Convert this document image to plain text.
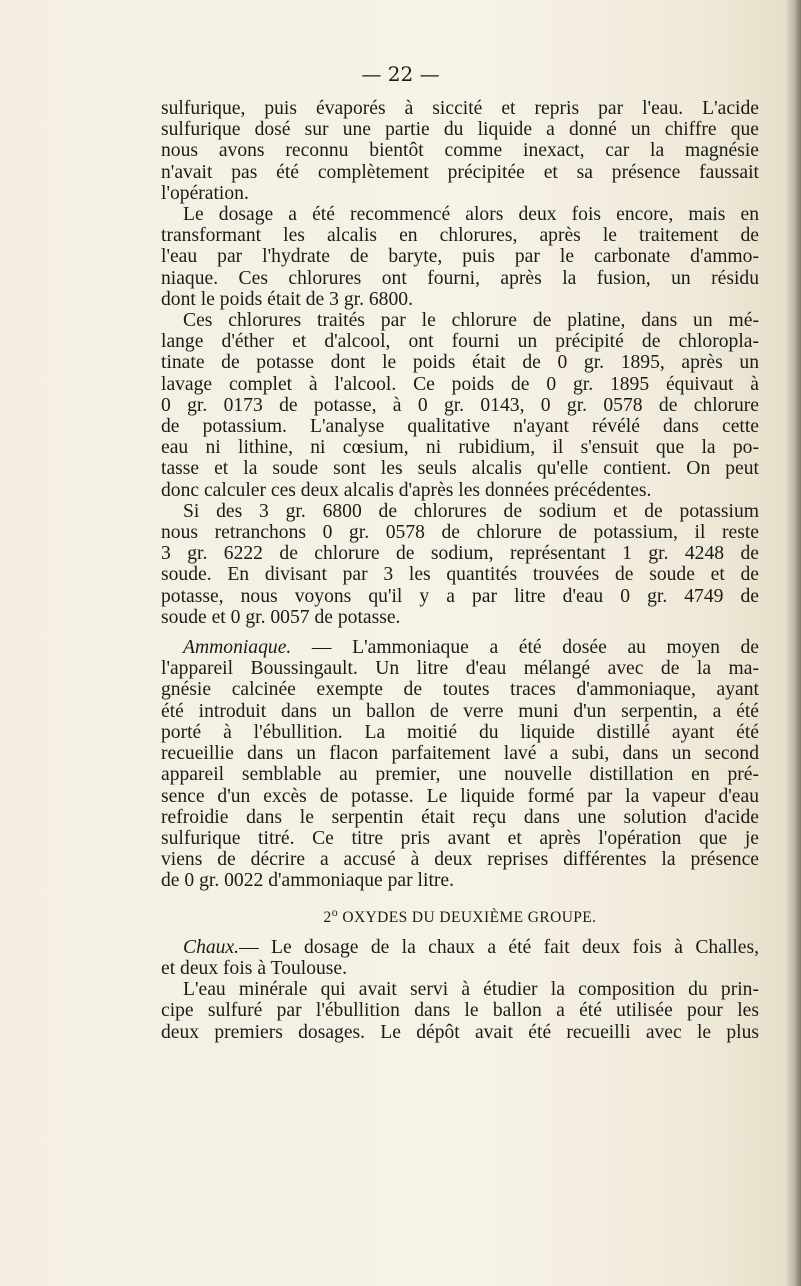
— 22 —

sulfurique, puis évaporés à siccité et repris par l'eau. L'acide

sulfurique dosé sur une partie du liquide a donné un chiffre que

nous avons reconnu bientôt comme inexact, car la magnésie

n'avait pas été complètement précipitée et sa présence faussait

l'opération.

Le dosage a été recommencé alors deux fois encore, mais en

transformant les alcalis en chlorures, après le traitement de

l'eau par l'hydrate de baryte, puis par le carbonate d'ammo-

niaque. Ces chlorures ont fourni, après la fusion, un résidu

dont le poids était de 3 gr. 6800.

Ces chlorures traités par le chlorure de platine, dans un mé-

lange d'éther et d'alcool, ont fourni un précipité de chloropla-

tinate de potasse dont le poids était de 0 gr. 1895, après un

lavage complet à l'alcool. Ce poids de 0 gr. 1895 équivaut à

0 gr. 0173 de potasse, à 0 gr. 0143, 0 gr. 0578 de chlorure

de potassium. L'analyse qualitative n'ayant révélé dans cette

eau ni lithine, ni cœsium, ni rubidium, il s'ensuit que la po-

tasse et la soude sont les seuls alcalis qu'elle contient. On peut

donc calculer ces deux alcalis d'après les données précédentes.

Si des 3 gr. 6800 de chlorures de sodium et de potassium

nous retranchons 0 gr. 0578 de chlorure de potassium, il reste

3 gr. 6222 de chlorure de sodium, représentant 1 gr. 4248 de

soude. En divisant par 3 les quantités trouvées de soude et de

potasse, nous voyons qu'il y a par litre d'eau 0 gr. 4749 de

soude et 0 gr. 0057 de potasse.

Ammoniaque. — L'ammoniaque a été dosée au moyen de

l'appareil Boussingault. Un litre d'eau mélangé avec de la ma-

gnésie calcinée exempte de toutes traces d'ammoniaque, ayant

été introduit dans un ballon de verre muni d'un serpentin, a été

porté à l'ébullition. La moitié du liquide distillé ayant été

recueillie dans un flacon parfaitement lavé a subi, dans un second

appareil semblable au premier, une nouvelle distillation en pré-

sence d'un excès de potasse. Le liquide formé par la vapeur d'eau

refroidie dans le serpentin était reçu dans une solution d'acide

sulfurique titré. Ce titre pris avant et après l'opération que je

viens de décrire a accusé à deux reprises différentes la présence

de 0 gr. 0022 d'ammoniaque par litre.

2$^o$ OXYDES DU DEUXIÈME GROUPE.

Chaux.— Le dosage de la chaux a été fait deux fois à Challes,

et deux fois à Toulouse.

L'eau minérale qui avait servi à étudier la composition du prin-

cipe sulfuré par l'ébullition dans le ballon a été utilisée pour les

deux premiers dosages. Le dépôt avait été recueilli avec le plus
